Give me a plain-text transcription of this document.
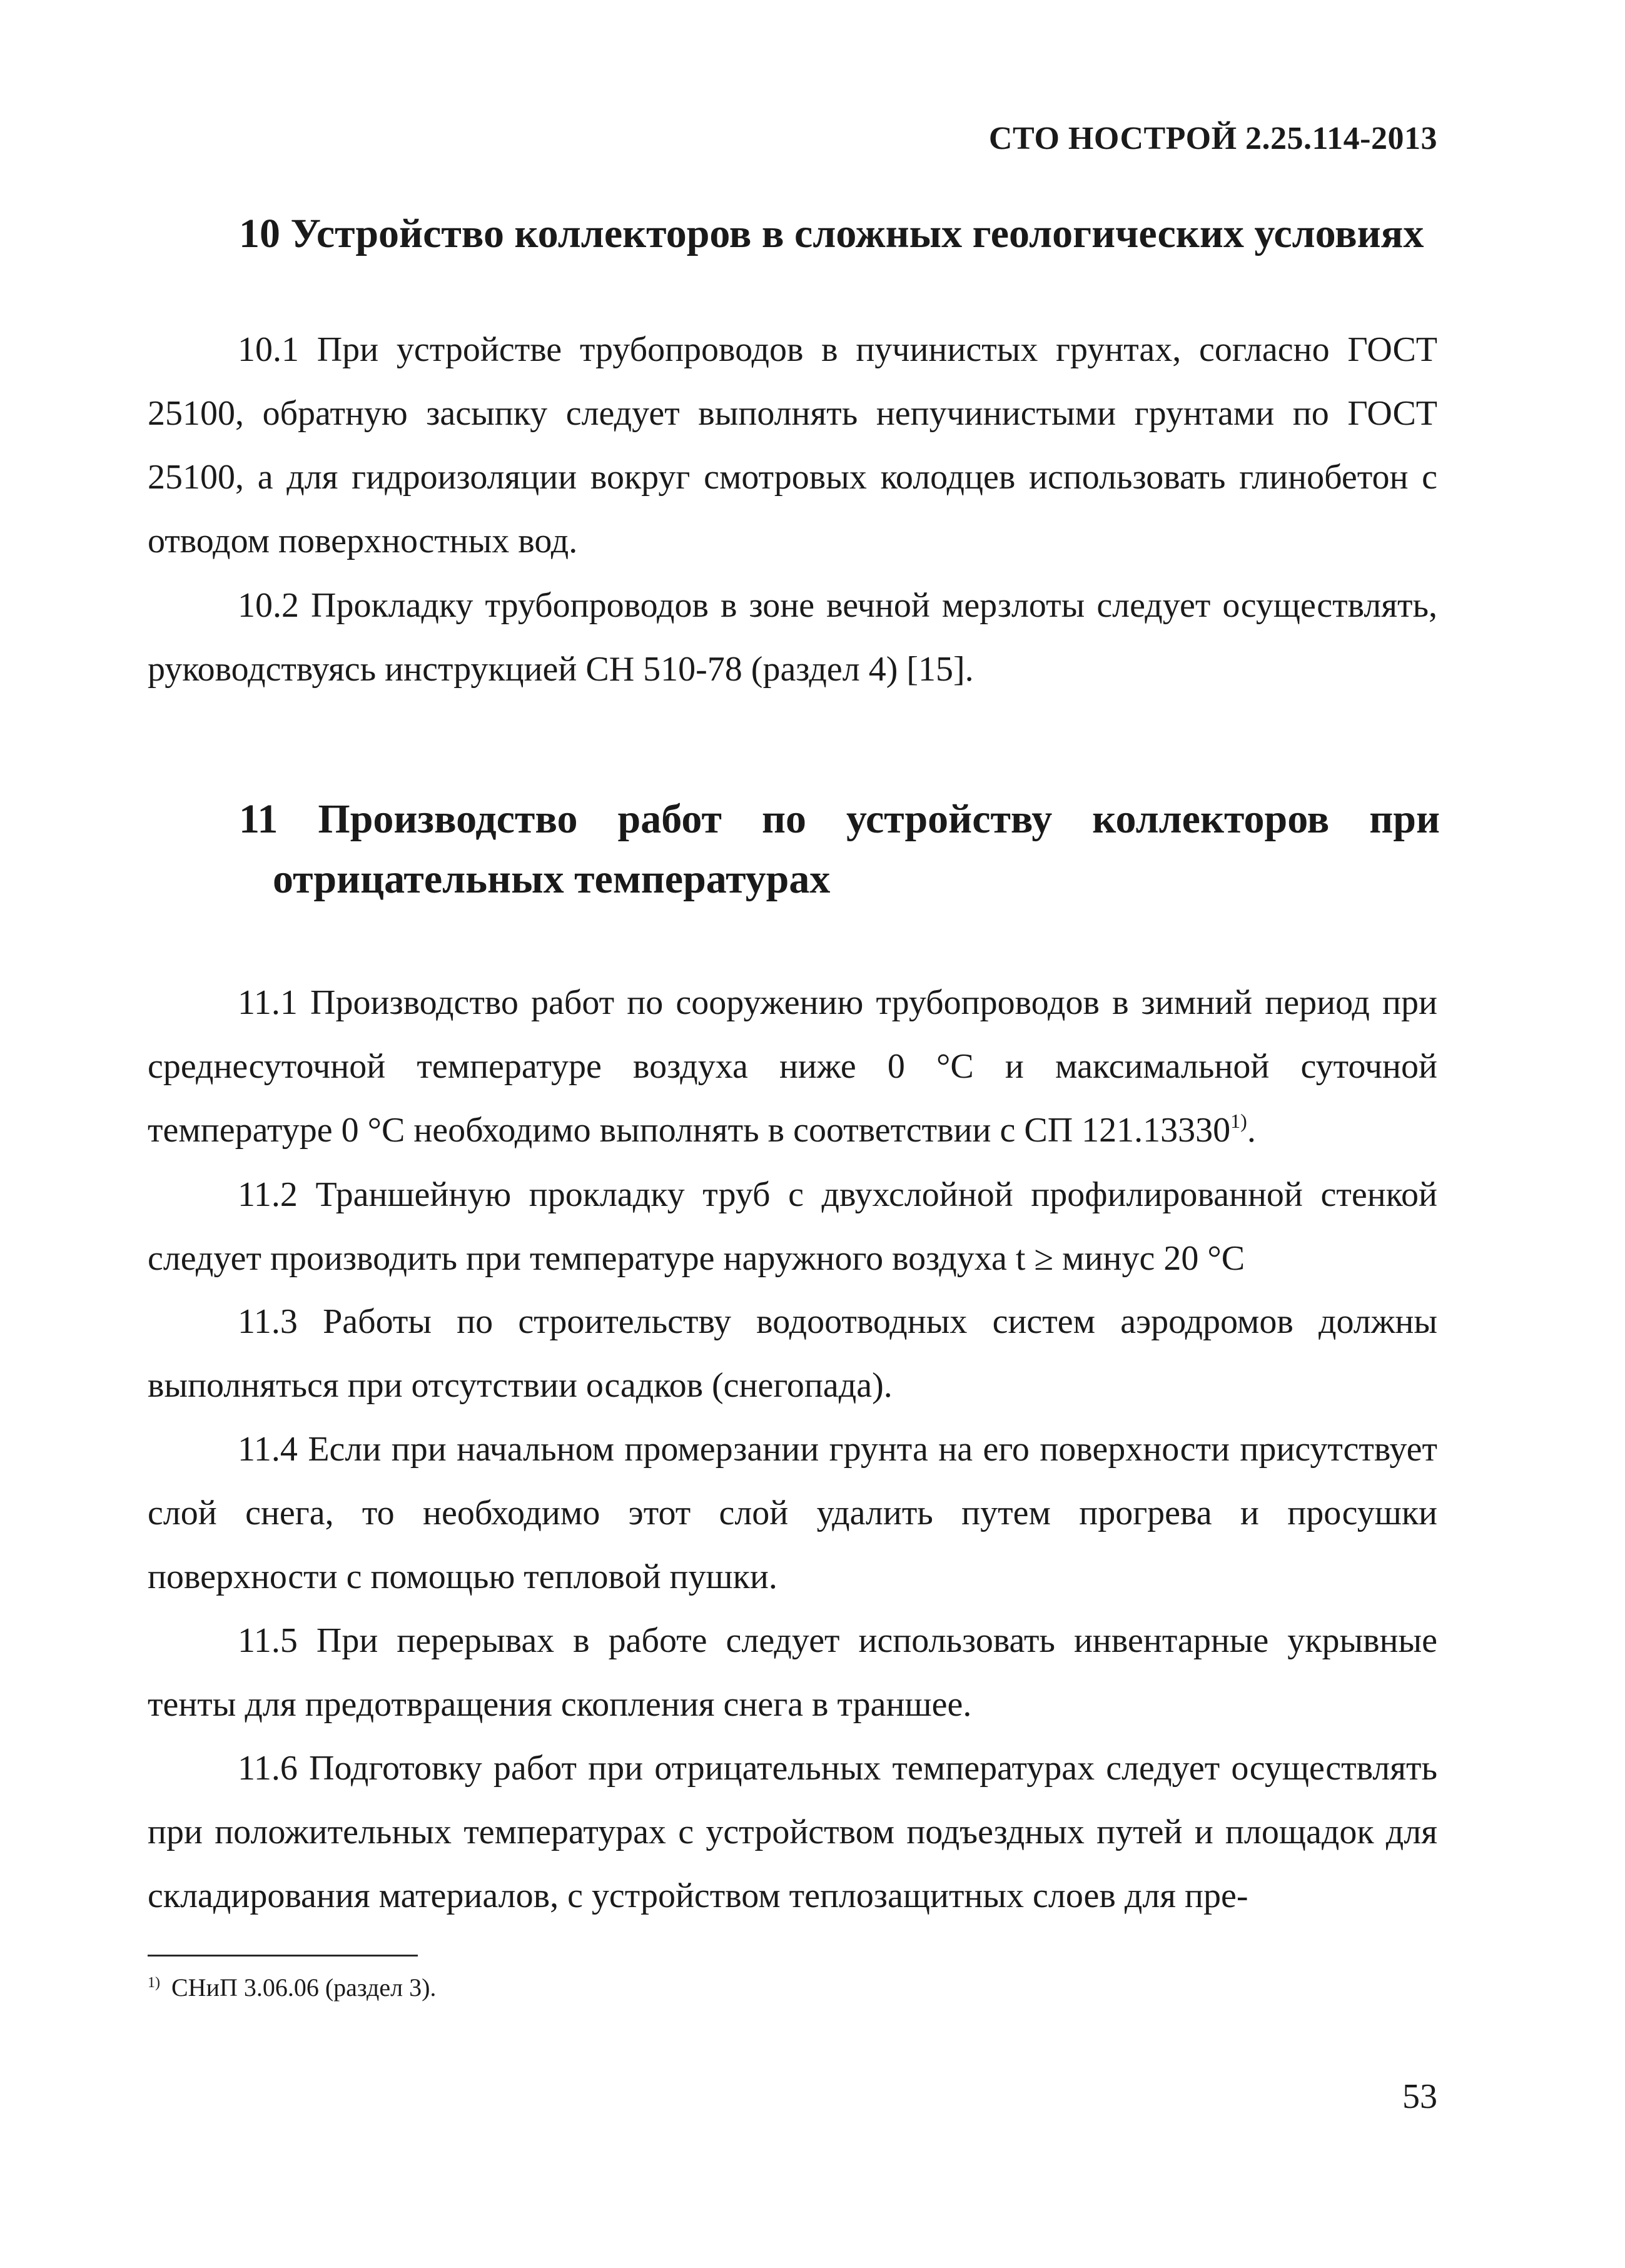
СТО НОСТРОЙ 2.25.114-2013
10 Устройство коллекторов в сложных геологических условиях

10.1 При устройстве трубопроводов в пучинистых грунтах, согласно ГОСТ 25100, обратную засыпку следует выполнять непучинистыми грунтами по ГОСТ 25100, а для гидроизоляции вокруг смотровых колодцев использовать глинобетон с отводом поверхностных вод.

10.2 Прокладку трубопроводов в зоне вечной мерзлоты следует осуществлять, руководствуясь инструкцией СН 510-78 (раздел 4) [15].

11 Производство работ по устройству коллекторов при
отрицательных температурах

11.1 Производство работ по сооружению трубопроводов в зимний период при среднесуточной температуре воздуха ниже 0 °С и максимальной суточной температуре 0 °С необходимо выполнять в соответствии с СП 121.13330$^{1)}$.

11.2 Траншейную прокладку труб с двухслойной профилированной стенкой следует производить при температуре наружного воздуха t ≥ минус 20 °С

11.3 Работы по строительству водоотводных систем аэродромов должны выполняться при отсутствии осадков (снегопада).

11.4 Если при начальном промерзании грунта на его поверхности присутствует слой снега, то необходимо этот слой удалить путем прогрева и просушки поверхности с помощью тепловой пушки.

11.5 При перерывах в работе следует использовать инвентарные укрывные тенты для предотвращения скопления снега в траншее.

11.6 Подготовку работ при отрицательных температурах следует осуществлять при положительных температурах с устройством подъездных путей и площадок для складирования материалов, с устройством теплозащитных слоев для пре-

$^{1)}$ СНиП 3.06.06 (раздел 3).
53
